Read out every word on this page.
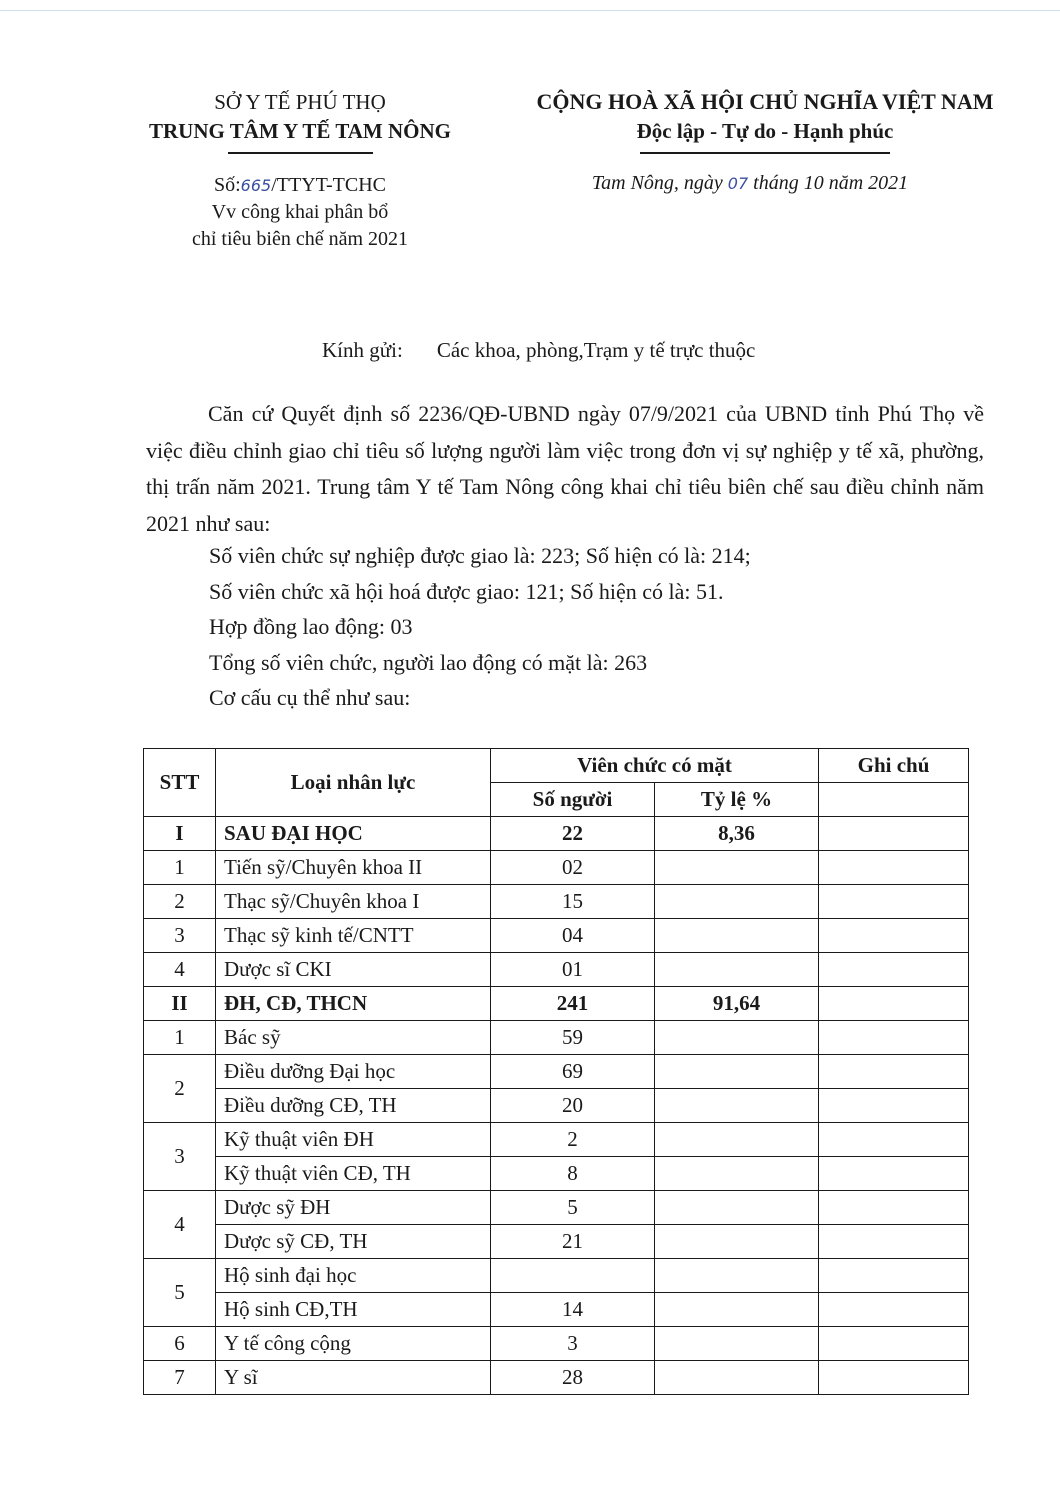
SỞ Y TẾ PHÚ THỌ
TRUNG TÂM Y TẾ TAM NÔNG
CỘNG HOÀ XÃ HỘI CHỦ NGHĨA VIỆT NAM
Độc lập - Tự do - Hạnh phúc
Số:665/TTYT-TCHC
Vv công khai phân bổ
chỉ tiêu biên chế năm 2021
Tam Nông, ngày 07 tháng 10 năm 2021
Kính gửi: Các khoa, phòng,Trạm y tế trực thuộc

Căn cứ Quyết định số 2236/QĐ-UBND ngày 07/9/2021 của UBND tỉnh Phú Thọ về việc điều chỉnh giao chỉ tiêu số lượng người làm việc trong đơn vị sự nghiệp y tế xã, phường, thị trấn năm 2021. Trung tâm Y tế Tam Nông công khai chỉ tiêu biên chế sau điều chỉnh năm 2021 như sau:

Số viên chức sự nghiệp được giao là: 223; Số hiện có là: 214;
Số viên chức xã hội hoá được giao: 121; Số hiện có là: 51.
Hợp đồng lao động: 03
Tổng số viên chức, người lao động có mặt là: 263
Cơ cấu cụ thể như sau:
STT	Loại nhân lực	Viên chức có mặt		Ghi chú
		Số người	Tỷ lệ %	
I	SAU ĐẠI HỌC	22	8,36	
1	Tiến sỹ/Chuyên khoa II	02		
2	Thạc sỹ/Chuyên khoa I	15		
3	Thạc sỹ kinh tế/CNTT	04		
4	Dược sĩ CKI	01		
II	ĐH, CĐ, THCN	241	91,64	
1	Bác sỹ	59		
2	Điều dưỡng Đại học	69		
	Điều dưỡng CĐ, TH	20		
3	Kỹ thuật viên ĐH	2		
	Kỹ thuật viên CĐ, TH	8		
4	Dược sỹ ĐH	5		
	Dược sỹ CĐ, TH	21		
5	Hộ sinh đại học			
	Hộ sinh CĐ,TH	14		
6	Y tế công cộng	3		
7	Y sĩ	28		
